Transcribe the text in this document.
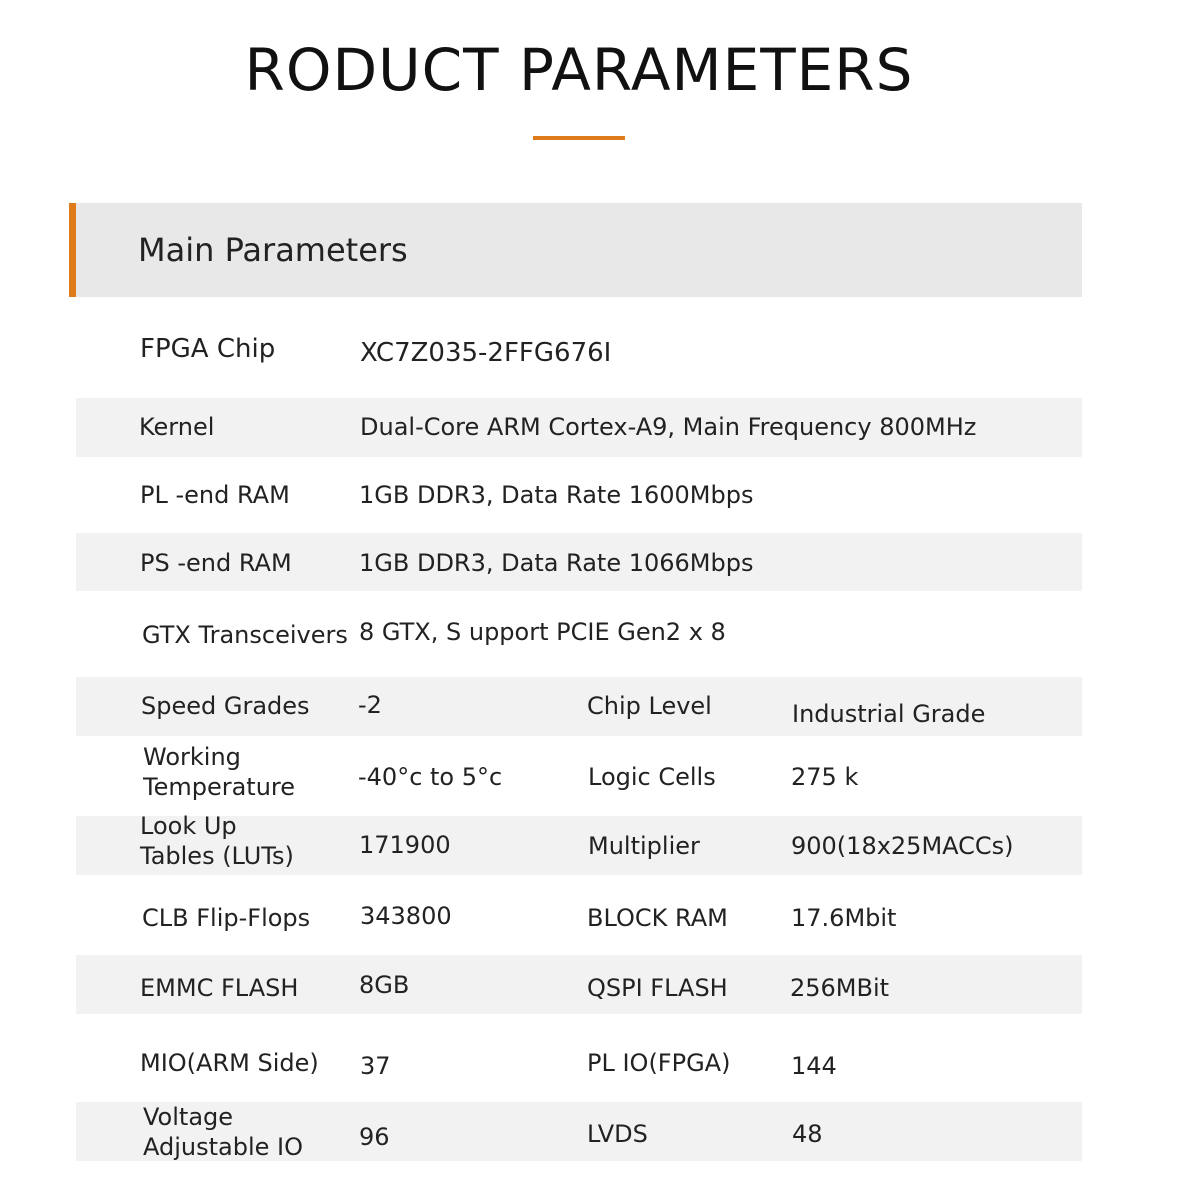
RODUCT PARAMETERS
Main Parameters
FPGA Chip	XC7Z035-2FFG676I
Kernel	Dual-Core ARM Cortex-A9, Main Frequency 800MHz
PL -end RAM	1GB DDR3, Data Rate 1600Mbps
PS -end RAM	1GB DDR3, Data Rate 1066Mbps
GTX Transceivers 8 GTX, S upport PCIE Gen2 x 8
Speed Grades -2	Chip Level	Industrial Grade
Working Temperature	-40°c to 5°c	Logic Cells	275 k
Look Up Tables (LUTs)	171900	Multiplier	900(18x25MACCs)
CLB Flip-Flops 343800	BLOCK RAM	17.6Mbit
EMMC FLASH	8GB	QSPI FLASH	256MBit
MIO(ARM Side) 37	PL IO(FPGA)	144
Voltage Adjustable IO	96	LVDS	48
